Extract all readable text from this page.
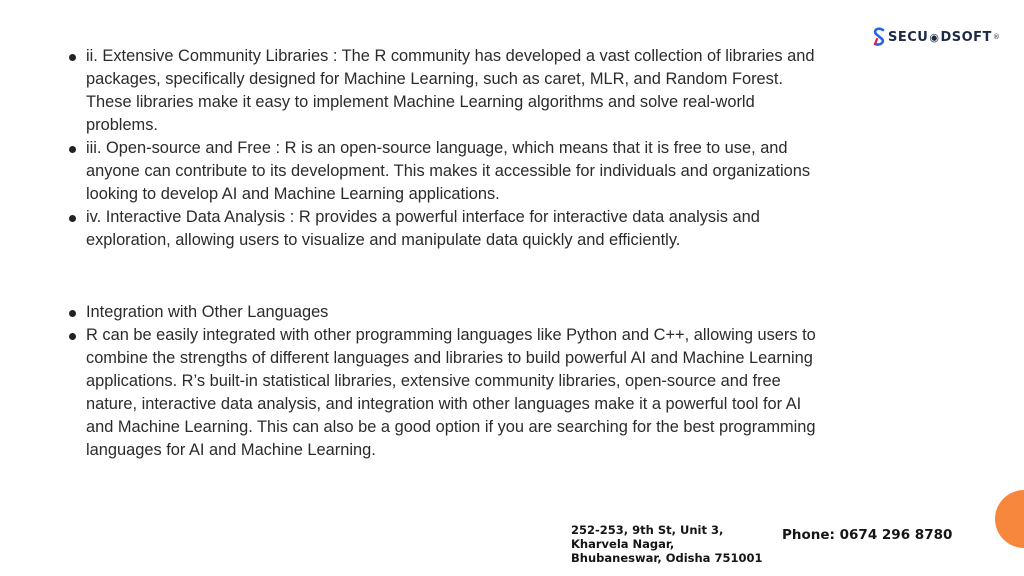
SECU ◉ DSOFT ®
ii. Extensive Community Libraries : The R community has developed a vast collection of libraries and packages, specifically designed for Machine Learning, such as caret, MLR, and Random Forest. These libraries make it easy to implement Machine Learning algorithms and solve real-world problems.
iii. Open-source and Free : R is an open-source language, which means that it is free to use, and anyone can contribute to its development. This makes it accessible for individuals and organizations looking to develop AI and Machine Learning applications.
iv. Interactive Data Analysis : R provides a powerful interface for interactive data analysis and exploration, allowing users to visualize and manipulate data quickly and efficiently.
Integration with Other Languages
R can be easily integrated with other programming languages like Python and C++, allowing users to combine the strengths of different languages and libraries to build powerful AI and Machine Learning applications. R’s built-in statistical libraries, extensive community libraries, open-source and free nature, interactive data analysis, and integration with other languages make it a powerful tool for AI and Machine Learning. This can also be a good option if you are searching for the best programming languages for AI and Machine Learning.
252-253, 9th St, Unit 3,
Kharvela Nagar,
Bhubaneswar, Odisha 751001
Phone: 0674 296 8780
